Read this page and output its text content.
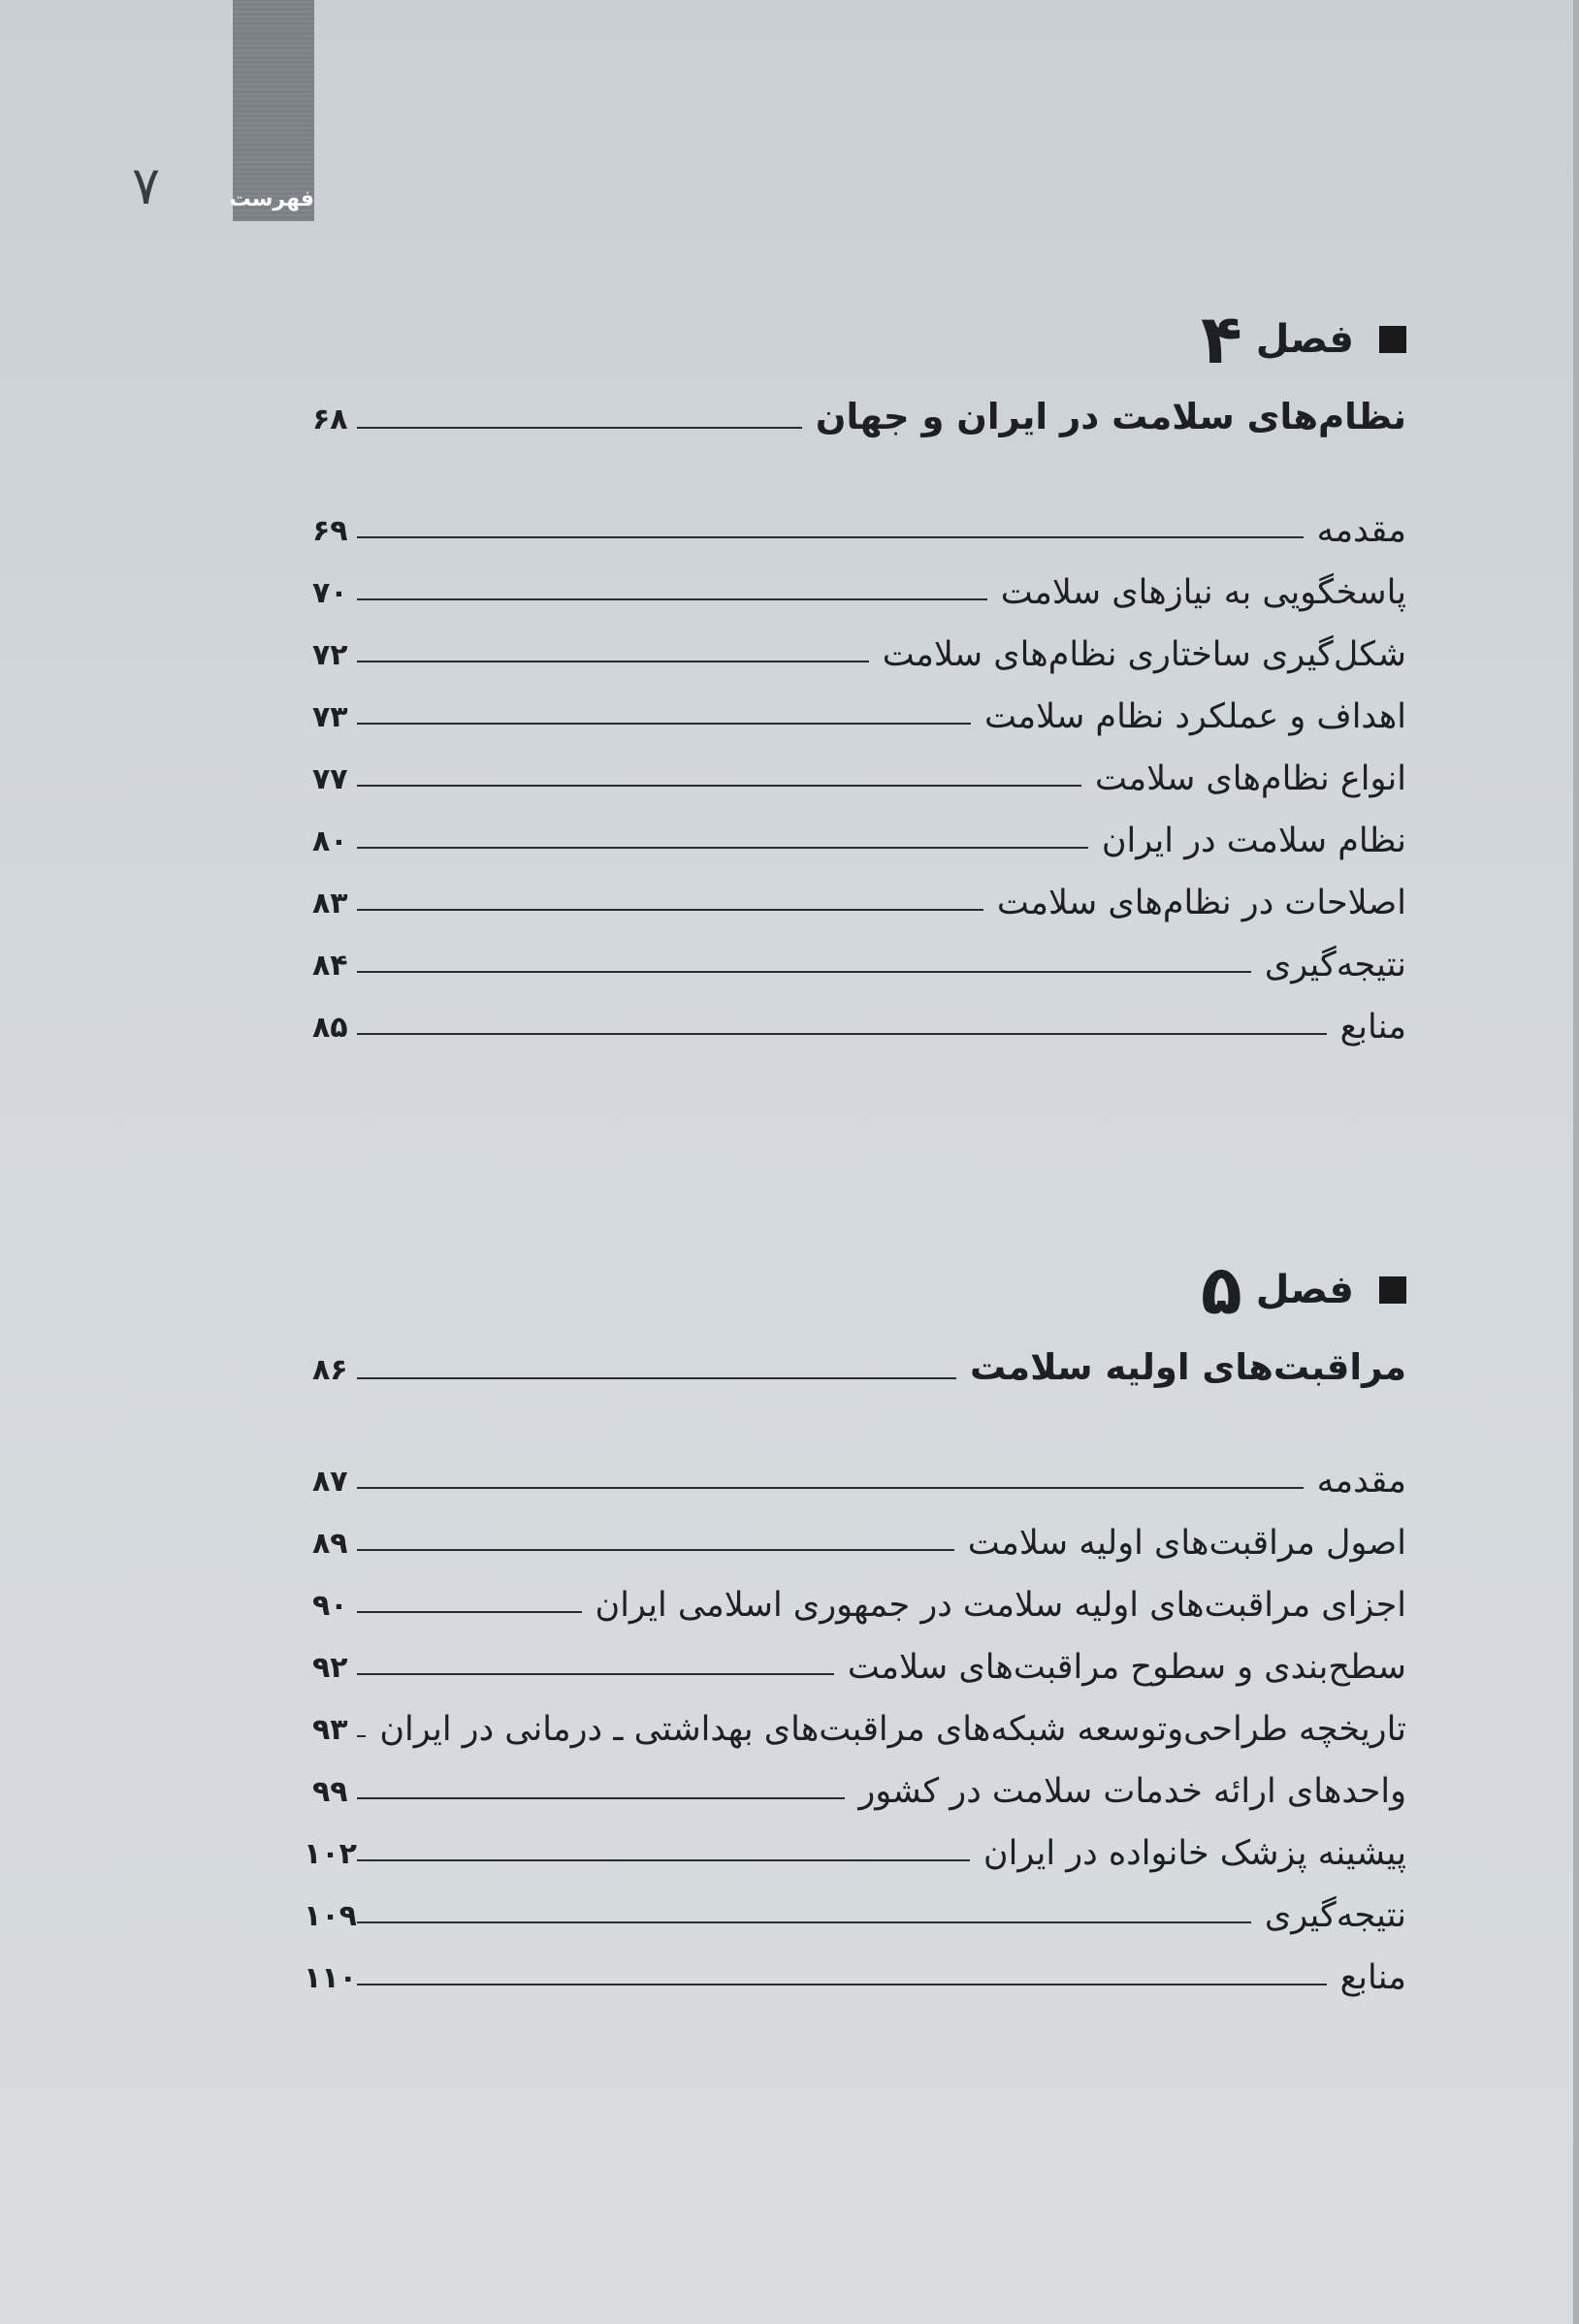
فهرست
۷
فصل
۴
نظام‌های سلامت در ایران و جهان
۶۸
مقدمه
۶۹
پاسخگویی به نیازهای سلامت
۷۰
شکل‌گیری ساختاری نظام‌های سلامت
۷۲
اهداف و عملکرد نظام سلامت
۷۳
انواع نظام‌های سلامت
۷۷
نظام سلامت در ایران
۸۰
اصلاحات در نظام‌های سلامت
۸۳
نتیجه‌گیری
۸۴
منابع
۸۵
فصل
۵
مراقبت‌های اولیه سلامت
۸۶
مقدمه
۸۷
اصول مراقبت‌های اولیه سلامت
۸۹
اجزای مراقبت‌های اولیه سلامت در جمهوری اسلامی ایران
۹۰
سطح‌بندی و سطوح مراقبت‌های سلامت
۹۲
تاریخچه طراحی‌وتوسعه شبکه‌های مراقبت‌های بهداشتی ـ درمانی در ایران
۹۳
واحدهای ارائه خدمات سلامت در کشور
۹۹
پیشینه پزشک خانواده در ایران
۱۰۲
نتیجه‌گیری
۱۰۹
منابع
۱۱۰
